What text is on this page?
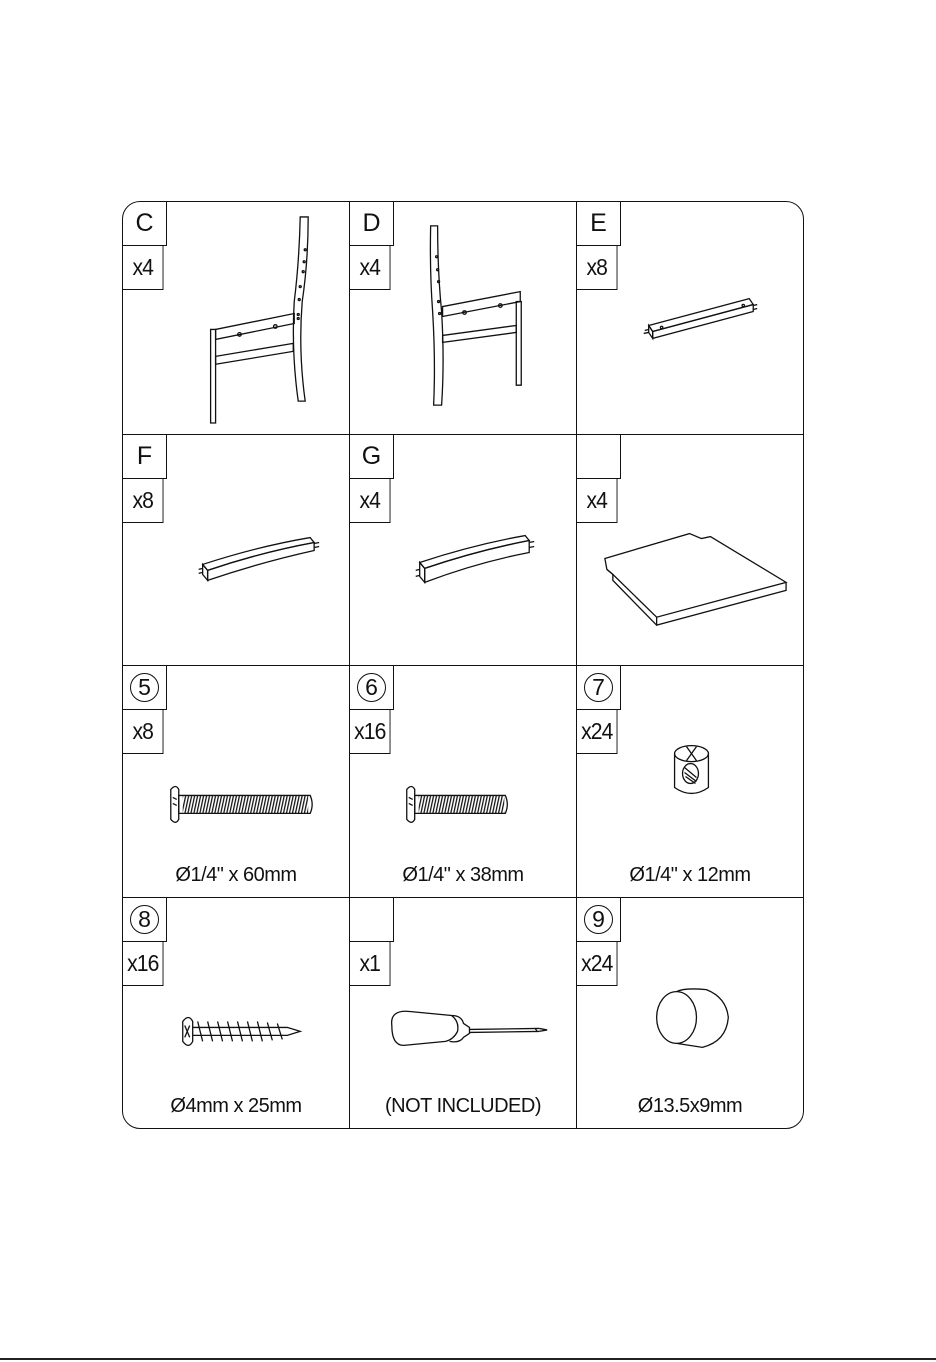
C
x4
D
x4
E
x8
F
x8
G
x4	x4
5
x8
Ø1/4" x 60mm
6
x16
Ø1/4" x 38mm
7
x24
Ø1/4" x 12mm
8
x16
Ø4mm x 25mm
x1
(NOT INCLUDED)
9
x24
Ø13.5x9mm
